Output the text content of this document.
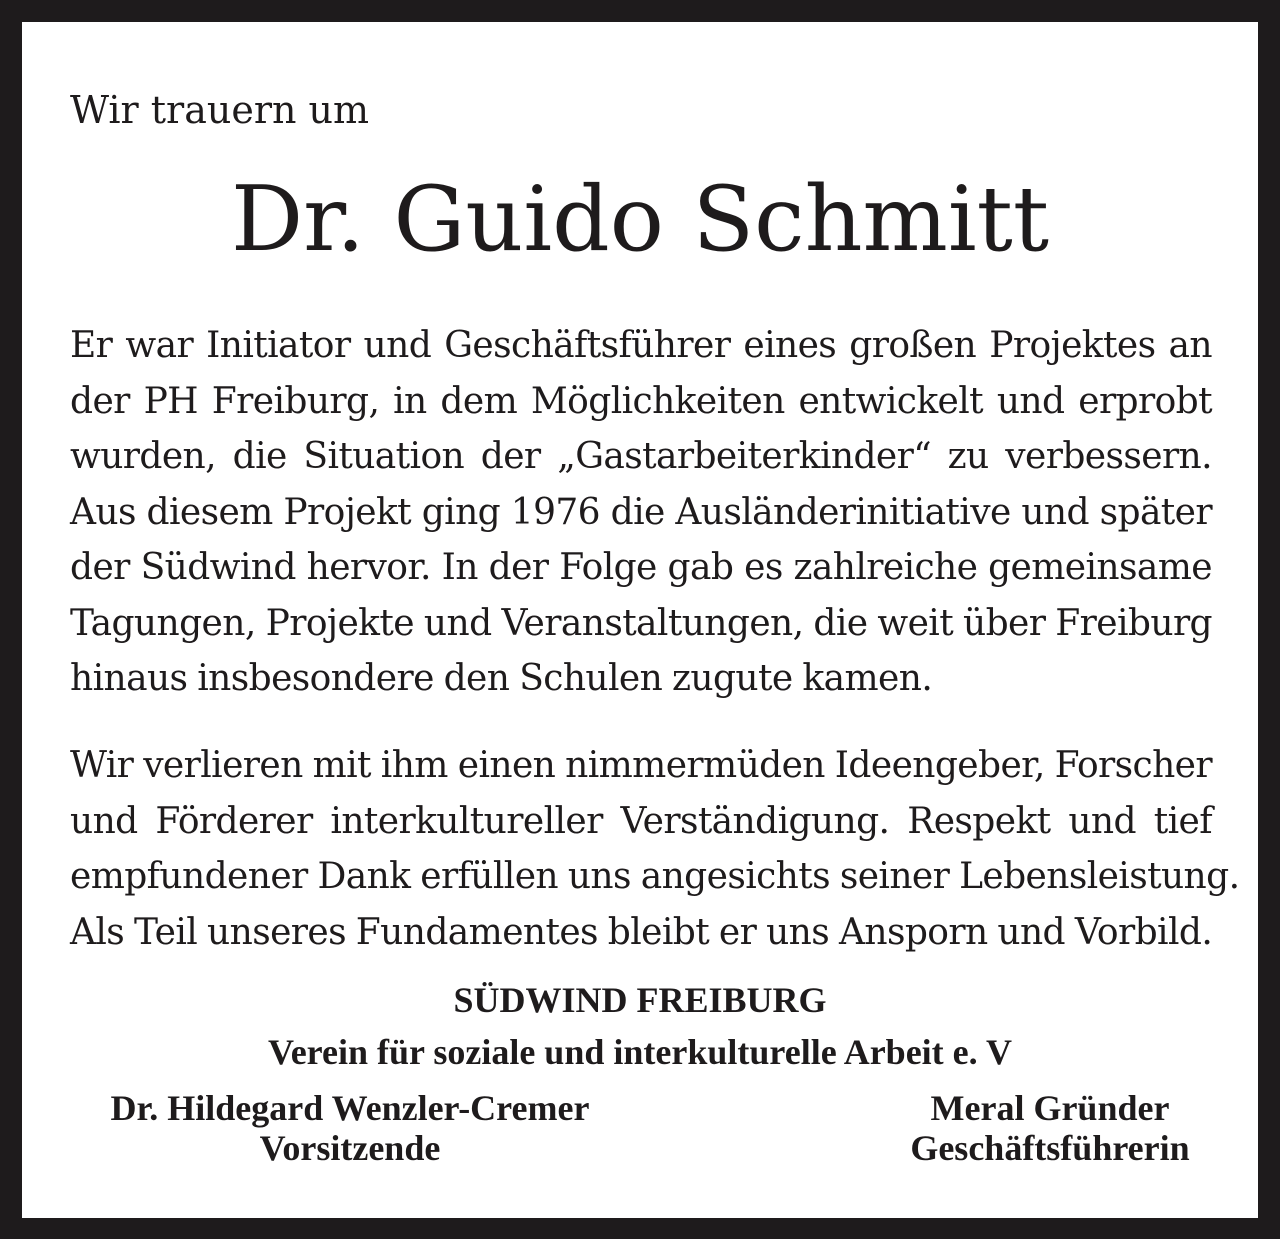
Wir trauern um
Dr. Guido Schmitt
Er war Initiator und Geschäftsführer eines großen Projektes an
der PH Freiburg, in dem Möglichkeiten entwickelt und erprobt
wurden, die Situation der „Gastarbeiterkinder“ zu verbessern.
Aus diesem Projekt ging 1976 die Ausländerinitiative und später
der Südwind hervor. In der Folge gab es zahlreiche gemeinsame
Tagungen, Projekte und Veranstaltungen, die weit über Freiburg
hinaus insbesondere den Schulen zugute kamen.
Wir verlieren mit ihm einen nimmermüden Ideengeber, Forscher
und Förderer interkultureller Verständigung. Respekt und tief
empfundener Dank erfüllen uns angesichts seiner Lebensleistung.
Als Teil unseres Fundamentes bleibt er uns Ansporn und Vorbild.
SÜDWIND FREIBURG
Verein für soziale und interkulturelle Arbeit e. V
Dr. Hildegard Wenzler-Cremer
Vorsitzende
Meral Gründer
Geschäftsführerin
